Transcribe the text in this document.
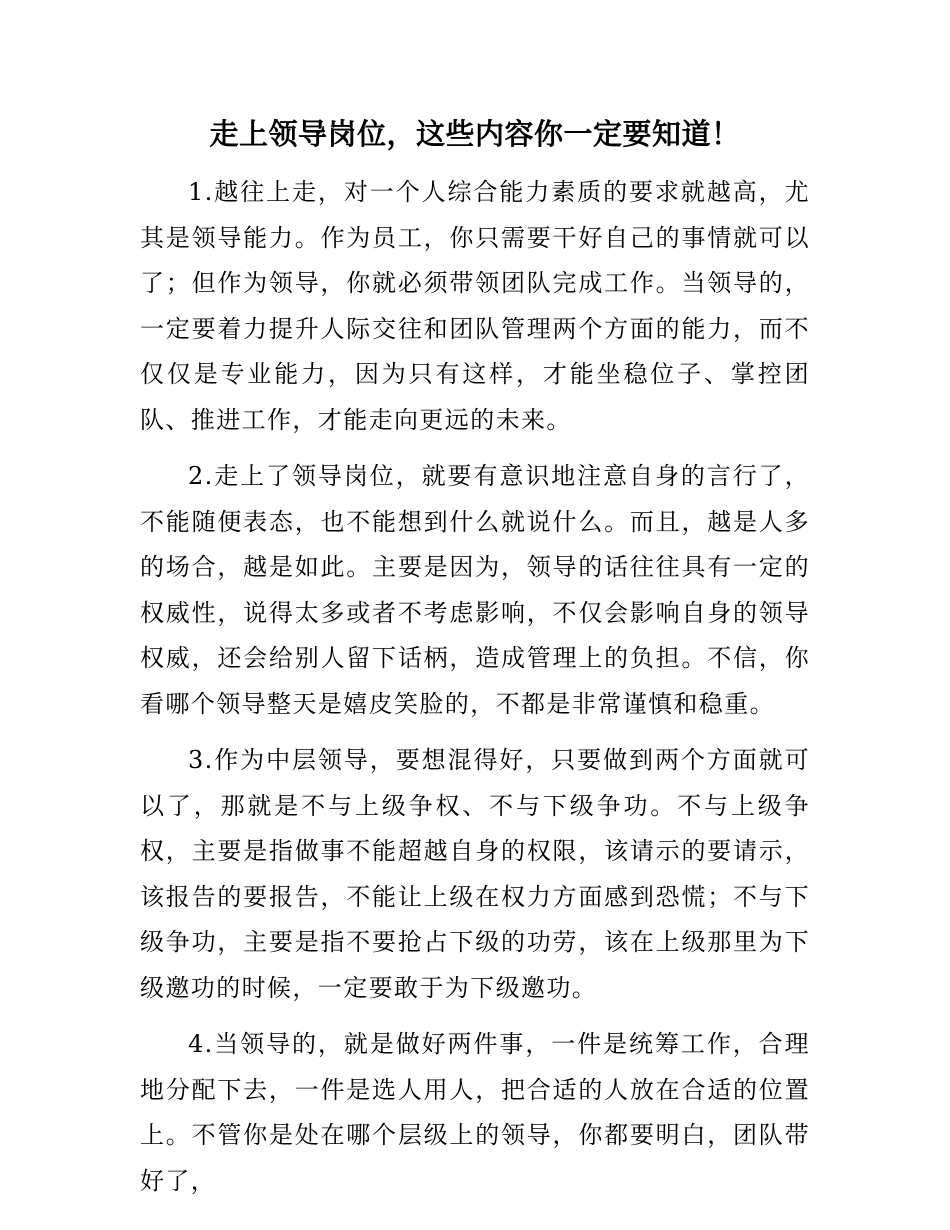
走上领导岗位，这些内容你一定要知道！

1.越往上走，对一个人综合能力素质的要求就越高，尤其是领导能力。作为员工，你只需要干好自己的事情就可以了；但作为领导，你就必须带领团队完成工作。当领导的，一定要着力提升人际交往和团队管理两个方面的能力，而不仅仅是专业能力，因为只有这样，才能坐稳位子、掌控团队、推进工作，才能走向更远的未来。

2.走上了领导岗位，就要有意识地注意自身的言行了，不能随便表态，也不能想到什么就说什么。而且，越是人多的场合，越是如此。主要是因为，领导的话往往具有一定的权威性，说得太多或者不考虑影响，不仅会影响自身的领导权威，还会给别人留下话柄，造成管理上的负担。不信，你看哪个领导整天是嬉皮笑脸的，不都是非常谨慎和稳重。

3.作为中层领导，要想混得好，只要做到两个方面就可以了，那就是不与上级争权、不与下级争功。不与上级争权，主要是指做事不能超越自身的权限，该请示的要请示，该报告的要报告，不能让上级在权力方面感到恐慌；不与下级争功，主要是指不要抢占下级的功劳，该在上级那里为下级邀功的时候，一定要敢于为下级邀功。

4.当领导的，就是做好两件事，一件是统筹工作，合理地分配下去，一件是选人用人，把合适的人放在合适的位置上。不管你是处在哪个层级上的领导，你都要明白，团队带好了，
